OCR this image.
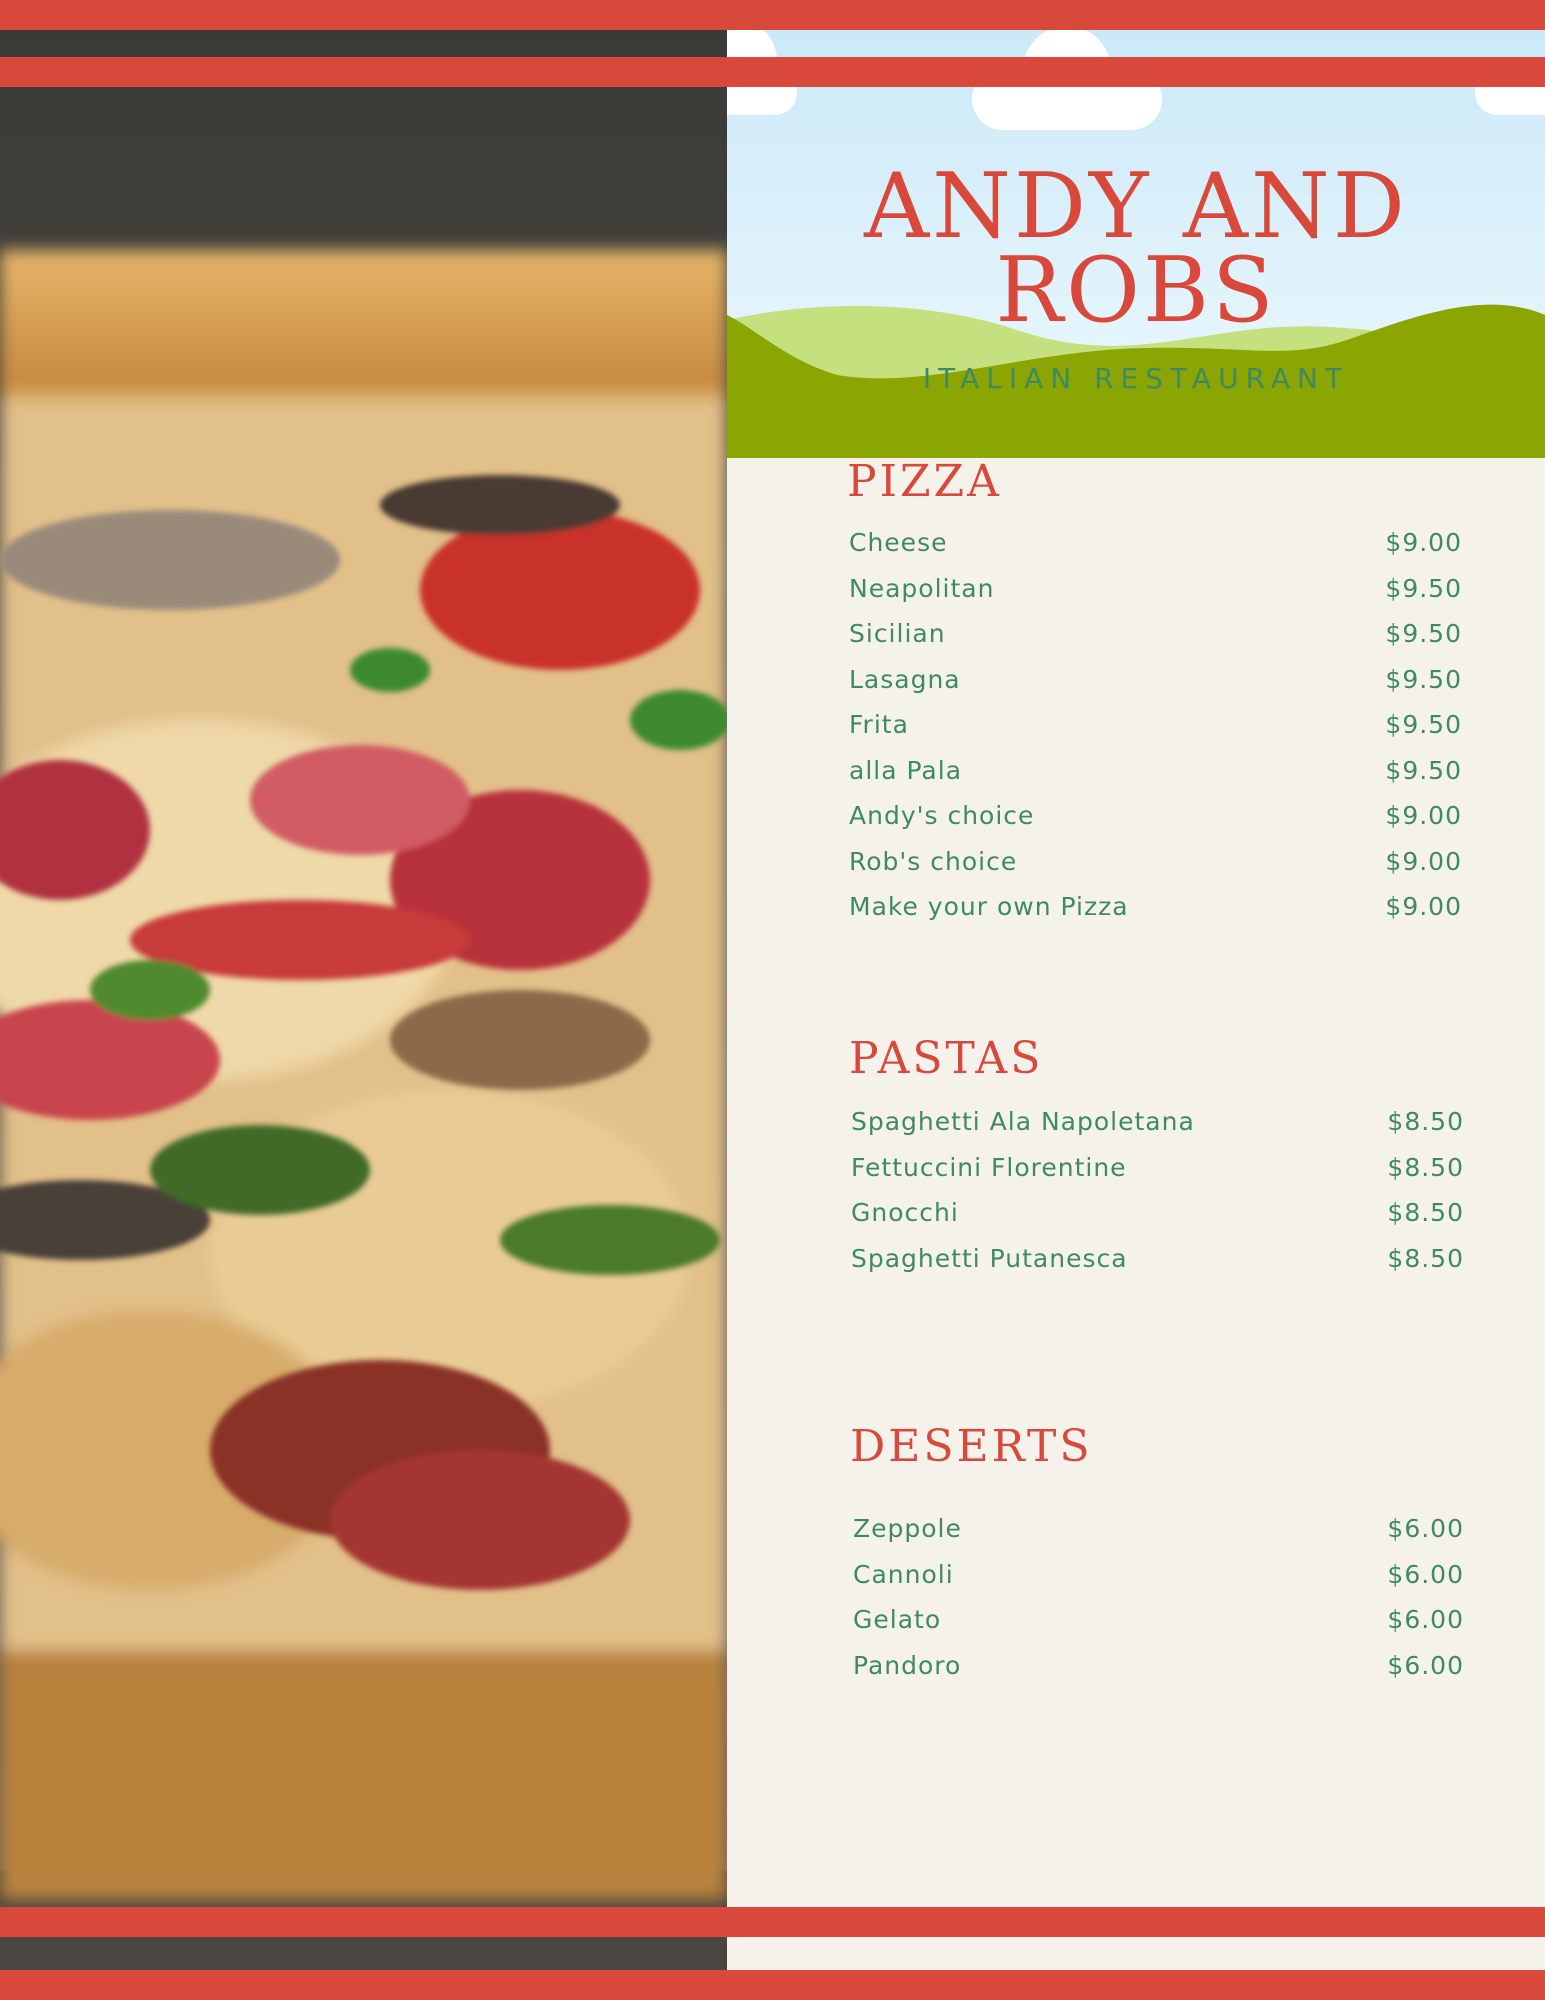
ANDY AND ROBS
ITALIAN RESTAURANT
PIZZA
Cheese	$9.00
Neapolitan	$9.50
Sicilian	$9.50
Lasagna	$9.50
Frita	$9.50
alla Pala	$9.50
Andy's choice	$9.00
Rob's choice	$9.00
Make your own Pizza	$9.00
PASTAS
Spaghetti Ala Napoletana	$8.50
Fettuccini Florentine	$8.50
Gnocchi	$8.50
Spaghetti Putanesca	$8.50
DESERTS
Zeppole	$6.00
Cannoli	$6.00
Gelato	$6.00
Pandoro	$6.00
